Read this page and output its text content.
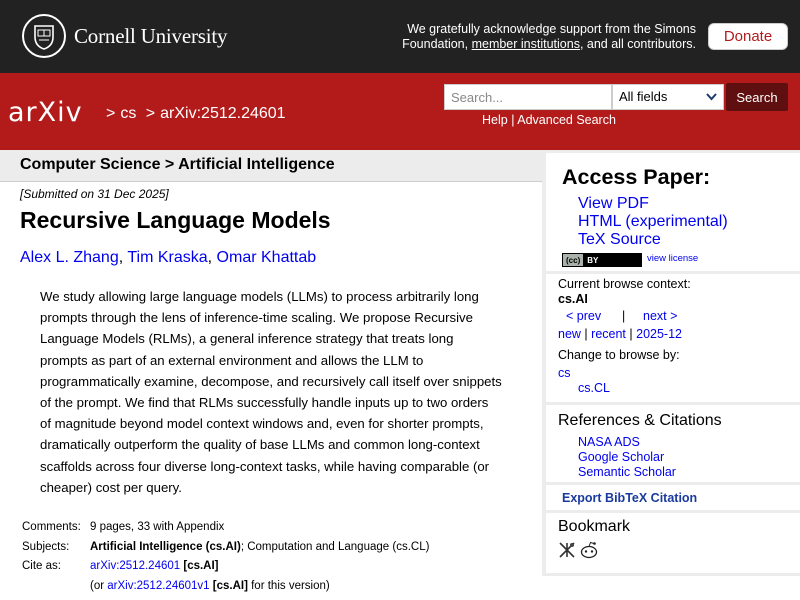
Cornell University	We gratefully acknowledge support from the Simons Foundation, member institutions, and all contributors.	Donate
arXiv > cs > arXiv:2512.24601
Search...
All fields	Search
Help | Advanced Search
Computer Science > Artificial Intelligence
[Submitted on 31 Dec 2025]
Recursive Language Models
Alex L. Zhang, Tim Kraska, Omar Khattab

We study allowing large language models (LLMs) to process arbitrarily long prompts through the lens of inference-time scaling. We propose Recursive Language Models (RLMs), a general inference strategy that treats long prompts as part of an external environment and allows the LLM to programmatically examine, decompose, and recursively call itself over snippets of the prompt. We find that RLMs successfully handle inputs up to two orders of magnitude beyond model context windows and, even for shorter prompts, dramatically outperform the quality of base LLMs and common long-context scaffolds across four diverse long-context tasks, while having comparable (or cheaper) cost per query.

Comments: 9 pages, 33 with Appendix
Subjects:	Artificial Intelligence (cs.AI); Computation and Language (cs.CL)
Cite as:	arXiv:2512.24601 [cs.AI]
(or arXiv:2512.24601v1 [cs.AI] for this version)
Access Paper:
View PDF
HTML (experimental)
TeX Source
(cc) BY	view license
Current browse context:
cs.AI
< prev | next >
new | recent | 2025-12
Change to browse by:
cs
cs.CL
References & Citations
NASA ADS
Google Scholar
Semantic Scholar
Export BibTeX Citation
Bookmark
